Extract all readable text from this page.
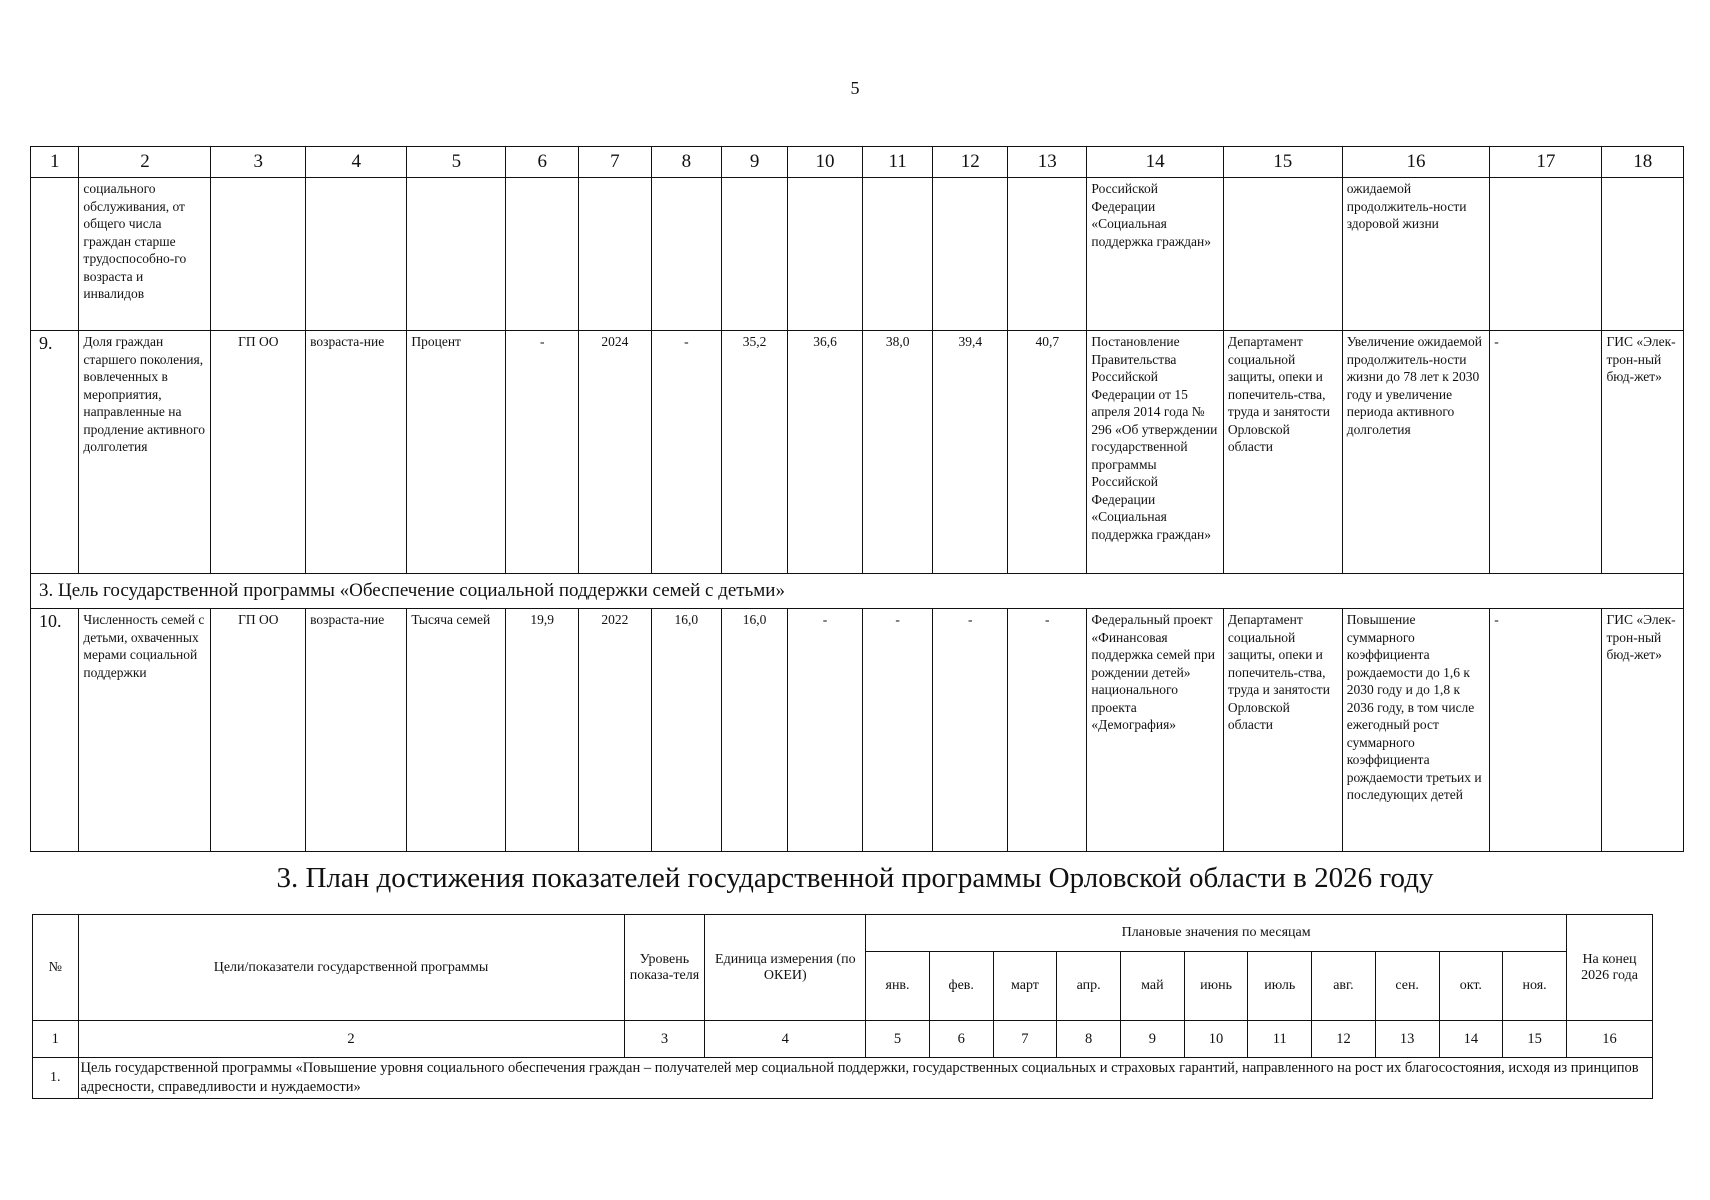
5
1	2	3	4	5	6	7	8	9	10	11	12	13	14	15	16	17	18
	социального обслуживания, от общего числа граждан старше трудоспособно-го возраста и инвалидов												Российской Федерации «Социальная поддержка граждан»		ожидаемой продолжитель-ности здоровой жизни		
9.	Доля граждан старшего поколения, вовлеченных в мероприятия, направленные на продление активного долголетия	ГП ОО	возраста-ние	Процент	-	2024	-	35,2	36,6	38,0	39,4	40,7	Постановление Правительства Российской Федерации от 15 апреля 2014 года № 296 «Об утверждении государственной программы Российской Федерации «Социальная поддержка граждан»	Департамент социальной защиты, опеки и попечитель-ства, труда и занятости Орловской области	Увеличение ожидаемой продолжитель-ности жизни до 78 лет к 2030 году и увеличение периода активного долголетия	-	ГИС «Элек-трон-ный бюд-жет»
3. Цель государственной программы «Обеспечение социальной поддержки семей с детьми»																	
10.	Численность семей с детьми, охваченных мерами социальной поддержки	ГП ОО	возраста-ние	Тысяча семей	19,9	2022	16,0	16,0	-	-	-	-	Федеральный проект «Финансовая поддержка семей при рождении детей» национального проекта «Демография»	Департамент социальной защиты, опеки и попечитель-ства, труда и занятости Орловской области	Повышение суммарного коэффициента рождаемости до 1,6 к 2030 году и до 1,8 к 2036 году, в том числе ежегодный рост суммарного коэффициента рождаемости третьих и последующих детей	-	ГИС «Элек-трон-ный бюд-жет»
3. План достижения показателей государственной программы Орловской области в 2026 году
№	Цели/показатели государственной программы	Уровень показа-теля	Единица измерения (по ОКЕИ)	Плановые значения по месяцам											На конец 2026 года
				янв.	фев.	март	апр.	май	июнь	июль	авг.	сен.	окт.	ноя.	
1	2	3	4	5	6	7	8	9	10	11	12	13	14	15	16
1.	Цель государственной программы «Повышение уровня социального обеспечения граждан – получателей мер социальной поддержки, государственных социальных и страховых гарантий, направленного на рост их благосостояния, исходя из принципов адресности, справедливости и нуждаемости»														
